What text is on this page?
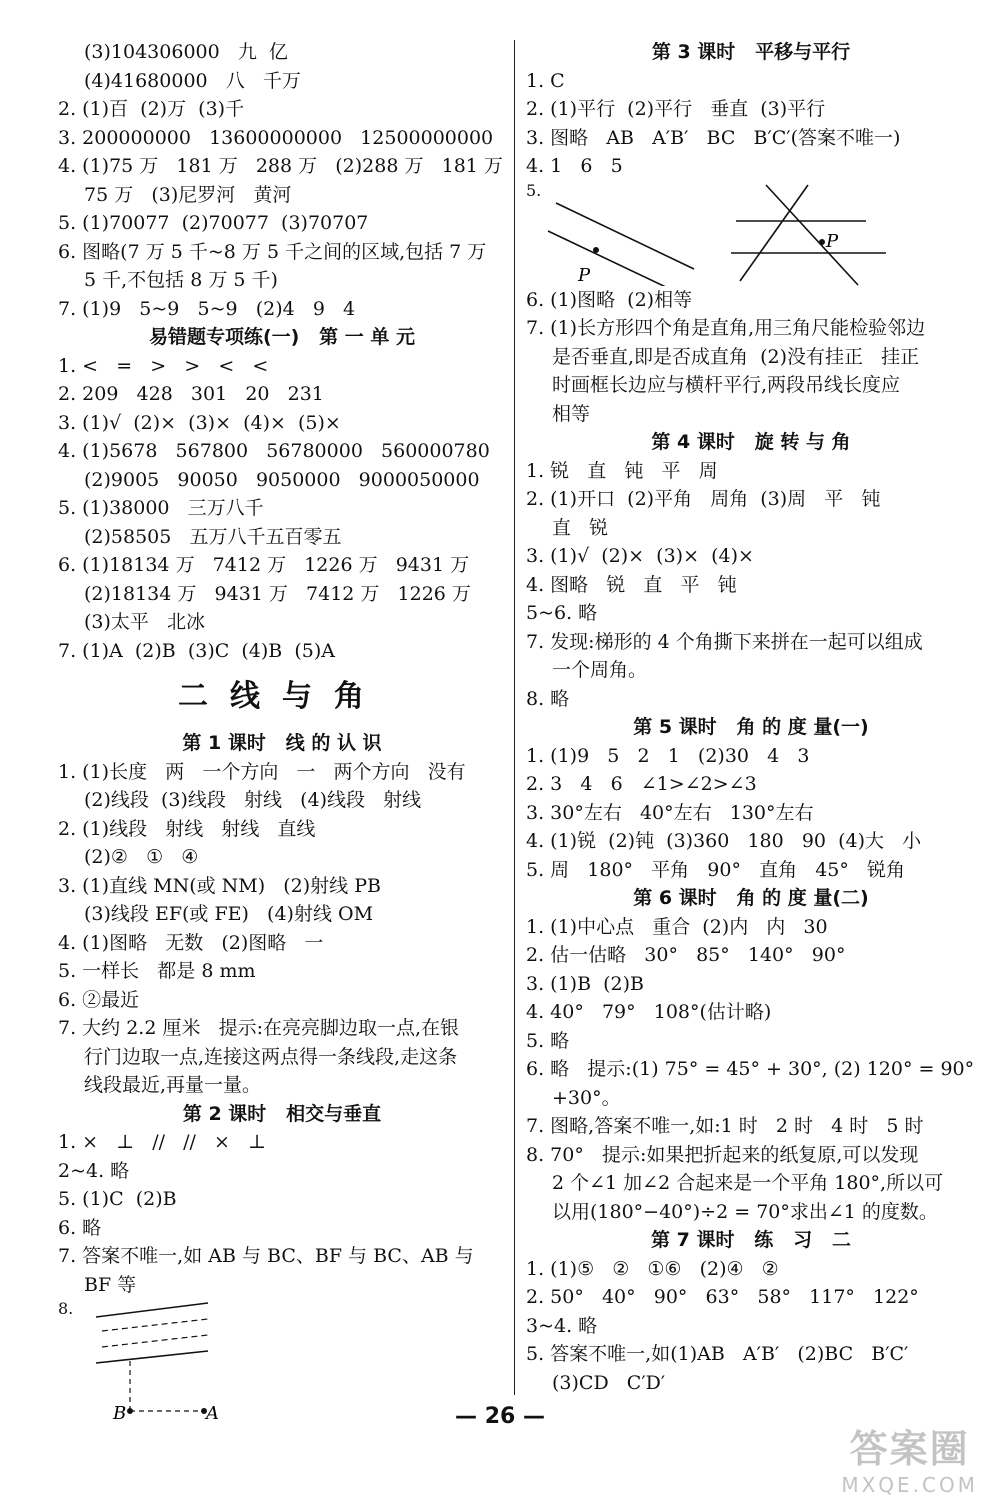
(3)104306000   九  亿
(4)41680000   八   千万
2. (1)百  (2)万  (3)千
3. 200000000   13600000000   12500000000
4. (1)75 万   181 万   288 万   (2)288 万   181 万
75 万   (3)尼罗河   黄河
5. (1)70077  (2)70077  (3)70707
6. 图略(7 万 5 千~8 万 5 千之间的区域,包括 7 万
5 千,不包括 8 万 5 千)
7. (1)9   5~9   5~9   (2)4   9   4
易错题专项练(一)   第 一 单 元
1. <   =   >   >   <   <
2. 209   428   301   20   231
3. (1)√  (2)×  (3)×  (4)×  (5)×
4. (1)5678   567800   56780000   560000780
(2)9005   90050   9050000   9000050000
5. (1)38000   三万八千
(2)58505   五万八千五百零五
6. (1)18134 万   7412 万   1226 万   9431 万
(2)18134 万   9431 万   7412 万   1226 万
(3)太平   北冰
7. (1)A  (2)B  (3)C  (4)B  (5)A
二线与角
第 1 课时   线 的 认 识
1. (1)长度   两   一个方向   一   两个方向   没有
(2)线段  (3)线段   射线   (4)线段   射线
2. (1)线段   射线   射线   直线
(2)②   ①   ④
3. (1)直线 MN(或 NM)   (2)射线 PB
(3)线段 EF(或 FE)   (4)射线 OM
4. (1)图略   无数   (2)图略   一
5. 一样长   都是 8 mm
6. ②最近
7. 大约 2.2 厘米   提示:在亮亮脚边取一点,在银
行门边取一点,连接这两点得一条线段,走这条
线段最近,再量一量。
第 2 课时   相交与垂直
1. ×   ⊥   //   //   ×   ⊥
2~4. 略
5. (1)C  (2)B
6. 略
7. 答案不唯一,如 AB 与 BC、BF 与 BC、AB 与
BF 等
8.
B	A
第 3 课时   平移与平行
1. C
2. (1)平行  (2)平行   垂直  (3)平行
3. 图略   AB   A′B′   BC   B′C′(答案不唯一)
4. 1   6   5
5.
P
P
6. (1)图略  (2)相等
7. (1)长方形四个角是直角,用三角尺能检验邻边
是否垂直,即是否成直角  (2)没有挂正   挂正
时画框长边应与横杆平行,两段吊线长度应
相等
第 4 课时   旋 转 与 角
1. 锐   直   钝   平   周
2. (1)开口  (2)平角   周角  (3)周   平   钝
直   锐
3. (1)√  (2)×  (3)×  (4)×
4. 图略   锐   直   平   钝
5~6. 略
7. 发现:梯形的 4 个角撕下来拼在一起可以组成
一个周角。
8. 略
第 5 课时   角 的 度 量(一)
1. (1)9   5   2   1   (2)30   4   3
2. 3   4   6   ∠1>∠2>∠3
3. 30°左右   40°左右   130°左右
4. (1)锐  (2)钝  (3)360   180   90  (4)大   小
5. 周   180°   平角   90°   直角   45°   锐角
第 6 课时   角 的 度 量(二)
1. (1)中心点   重合  (2)内   内   30
2. 估一估略   30°   85°   140°   90°
3. (1)B  (2)B
4. 40°   79°   108°(估计略)
5. 略
6. 略   提示:(1) 75° = 45° + 30°, (2) 120° = 90°
+30°。
7. 图略,答案不唯一,如:1 时   2 时   4 时   5 时
8. 70°   提示:如果把折起来的纸复原,可以发现
2 个∠1 加∠2 合起来是一个平角 180°,所以可
以用(180°−40°)÷2 = 70°求出∠1 的度数。
第 7 课时   练   习   二
1. (1)⑤   ②   ①⑥   (2)④   ②
2. 50°   40°   90°   63°   58°   117°   122°
3~4. 略
5. 答案不唯一,如(1)AB   A′B′   (2)BC   B′C′
(3)CD   C′D′
— 26 —
答案圈
MXQE.COM
